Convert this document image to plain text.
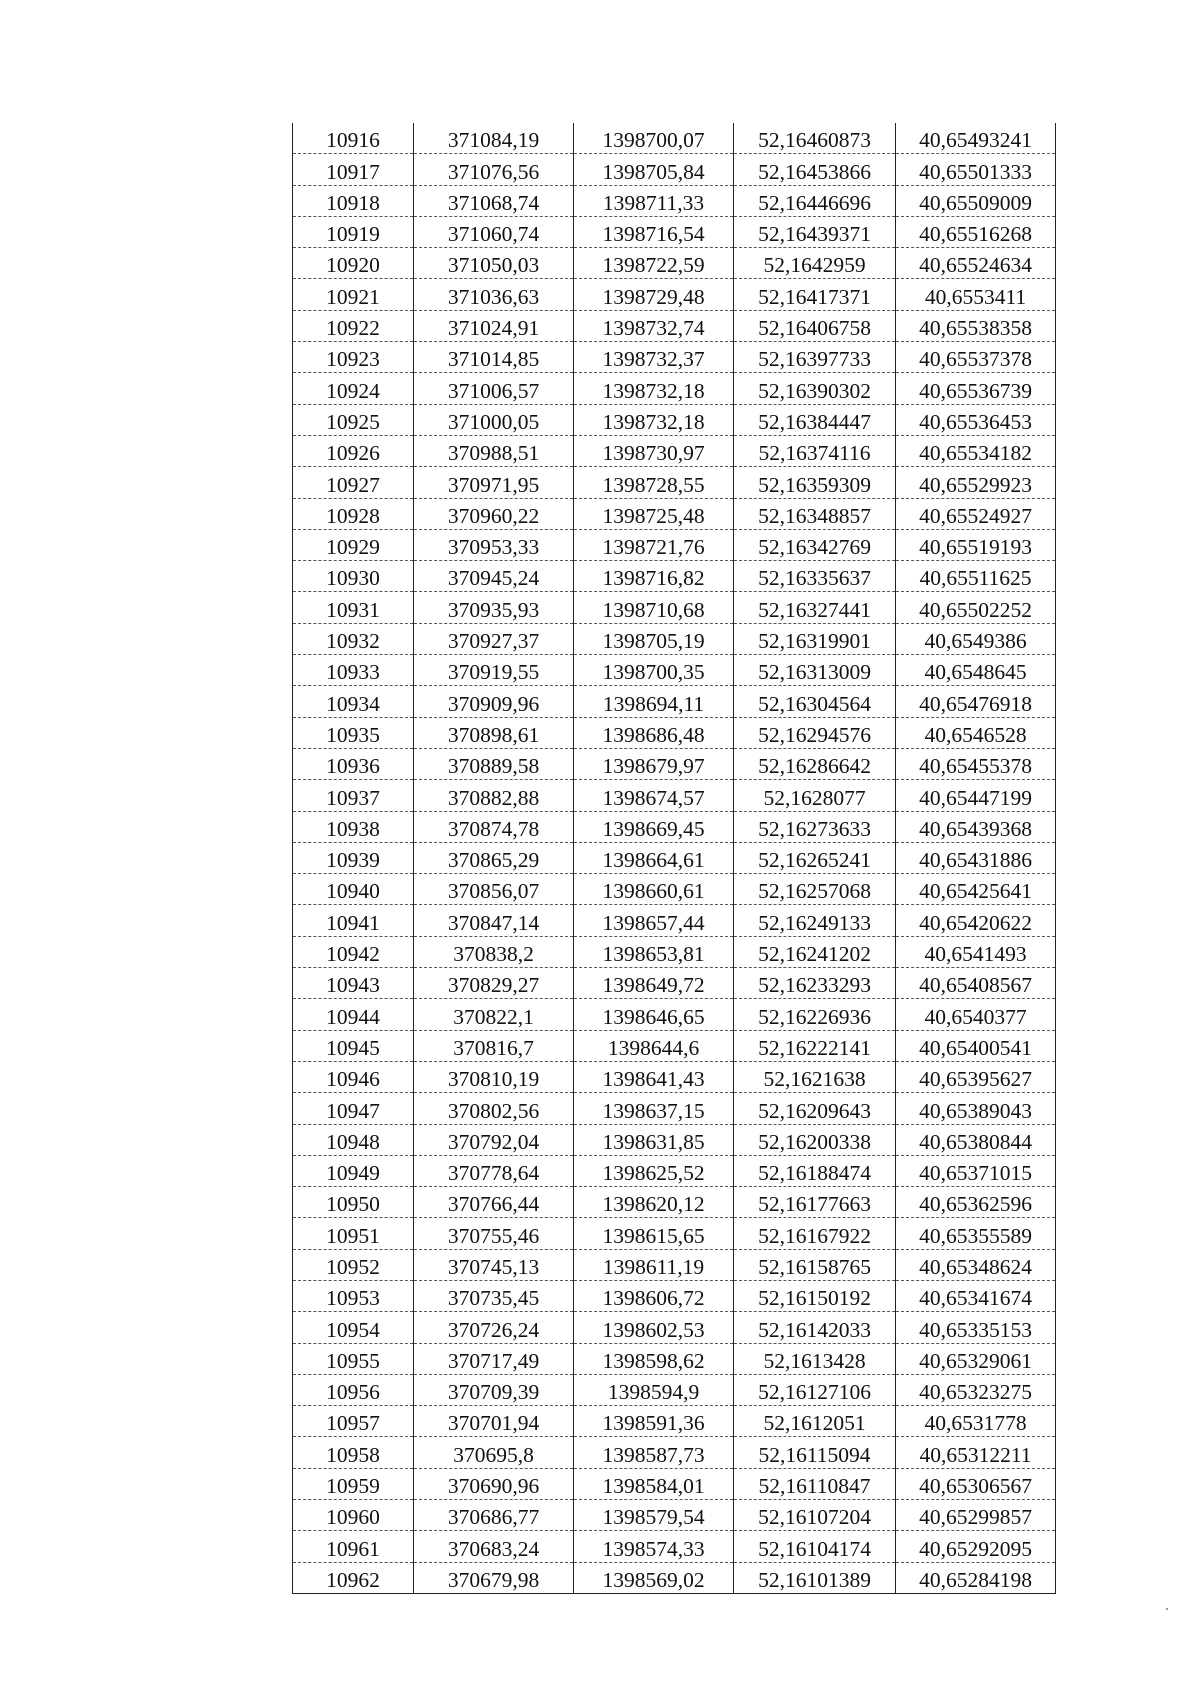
10916	371084,19	1398700,07	52,16460873	40,65493241
10917	371076,56	1398705,84	52,16453866	40,65501333
10918	371068,74	1398711,33	52,16446696	40,65509009
10919	371060,74	1398716,54	52,16439371	40,65516268
10920	371050,03	1398722,59	52,1642959	40,65524634
10921	371036,63	1398729,48	52,16417371	40,6553411
10922	371024,91	1398732,74	52,16406758	40,65538358
10923	371014,85	1398732,37	52,16397733	40,65537378
10924	371006,57	1398732,18	52,16390302	40,65536739
10925	371000,05	1398732,18	52,16384447	40,65536453
10926	370988,51	1398730,97	52,16374116	40,65534182
10927	370971,95	1398728,55	52,16359309	40,65529923
10928	370960,22	1398725,48	52,16348857	40,65524927
10929	370953,33	1398721,76	52,16342769	40,65519193
10930	370945,24	1398716,82	52,16335637	40,65511625
10931	370935,93	1398710,68	52,16327441	40,65502252
10932	370927,37	1398705,19	52,16319901	40,6549386
10933	370919,55	1398700,35	52,16313009	40,6548645
10934	370909,96	1398694,11	52,16304564	40,65476918
10935	370898,61	1398686,48	52,16294576	40,6546528
10936	370889,58	1398679,97	52,16286642	40,65455378
10937	370882,88	1398674,57	52,1628077	40,65447199
10938	370874,78	1398669,45	52,16273633	40,65439368
10939	370865,29	1398664,61	52,16265241	40,65431886
10940	370856,07	1398660,61	52,16257068	40,65425641
10941	370847,14	1398657,44	52,16249133	40,65420622
10942	370838,2	1398653,81	52,16241202	40,6541493
10943	370829,27	1398649,72	52,16233293	40,65408567
10944	370822,1	1398646,65	52,16226936	40,6540377
10945	370816,7	1398644,6	52,16222141	40,65400541
10946	370810,19	1398641,43	52,1621638	40,65395627
10947	370802,56	1398637,15	52,16209643	40,65389043
10948	370792,04	1398631,85	52,16200338	40,65380844
10949	370778,64	1398625,52	52,16188474	40,65371015
10950	370766,44	1398620,12	52,16177663	40,65362596
10951	370755,46	1398615,65	52,16167922	40,65355589
10952	370745,13	1398611,19	52,16158765	40,65348624
10953	370735,45	1398606,72	52,16150192	40,65341674
10954	370726,24	1398602,53	52,16142033	40,65335153
10955	370717,49	1398598,62	52,1613428	40,65329061
10956	370709,39	1398594,9	52,16127106	40,65323275
10957	370701,94	1398591,36	52,1612051	40,6531778
10958	370695,8	1398587,73	52,16115094	40,65312211
10959	370690,96	1398584,01	52,16110847	40,65306567
10960	370686,77	1398579,54	52,16107204	40,65299857
10961	370683,24	1398574,33	52,16104174	40,65292095
10962	370679,98	1398569,02	52,16101389	40,65284198
